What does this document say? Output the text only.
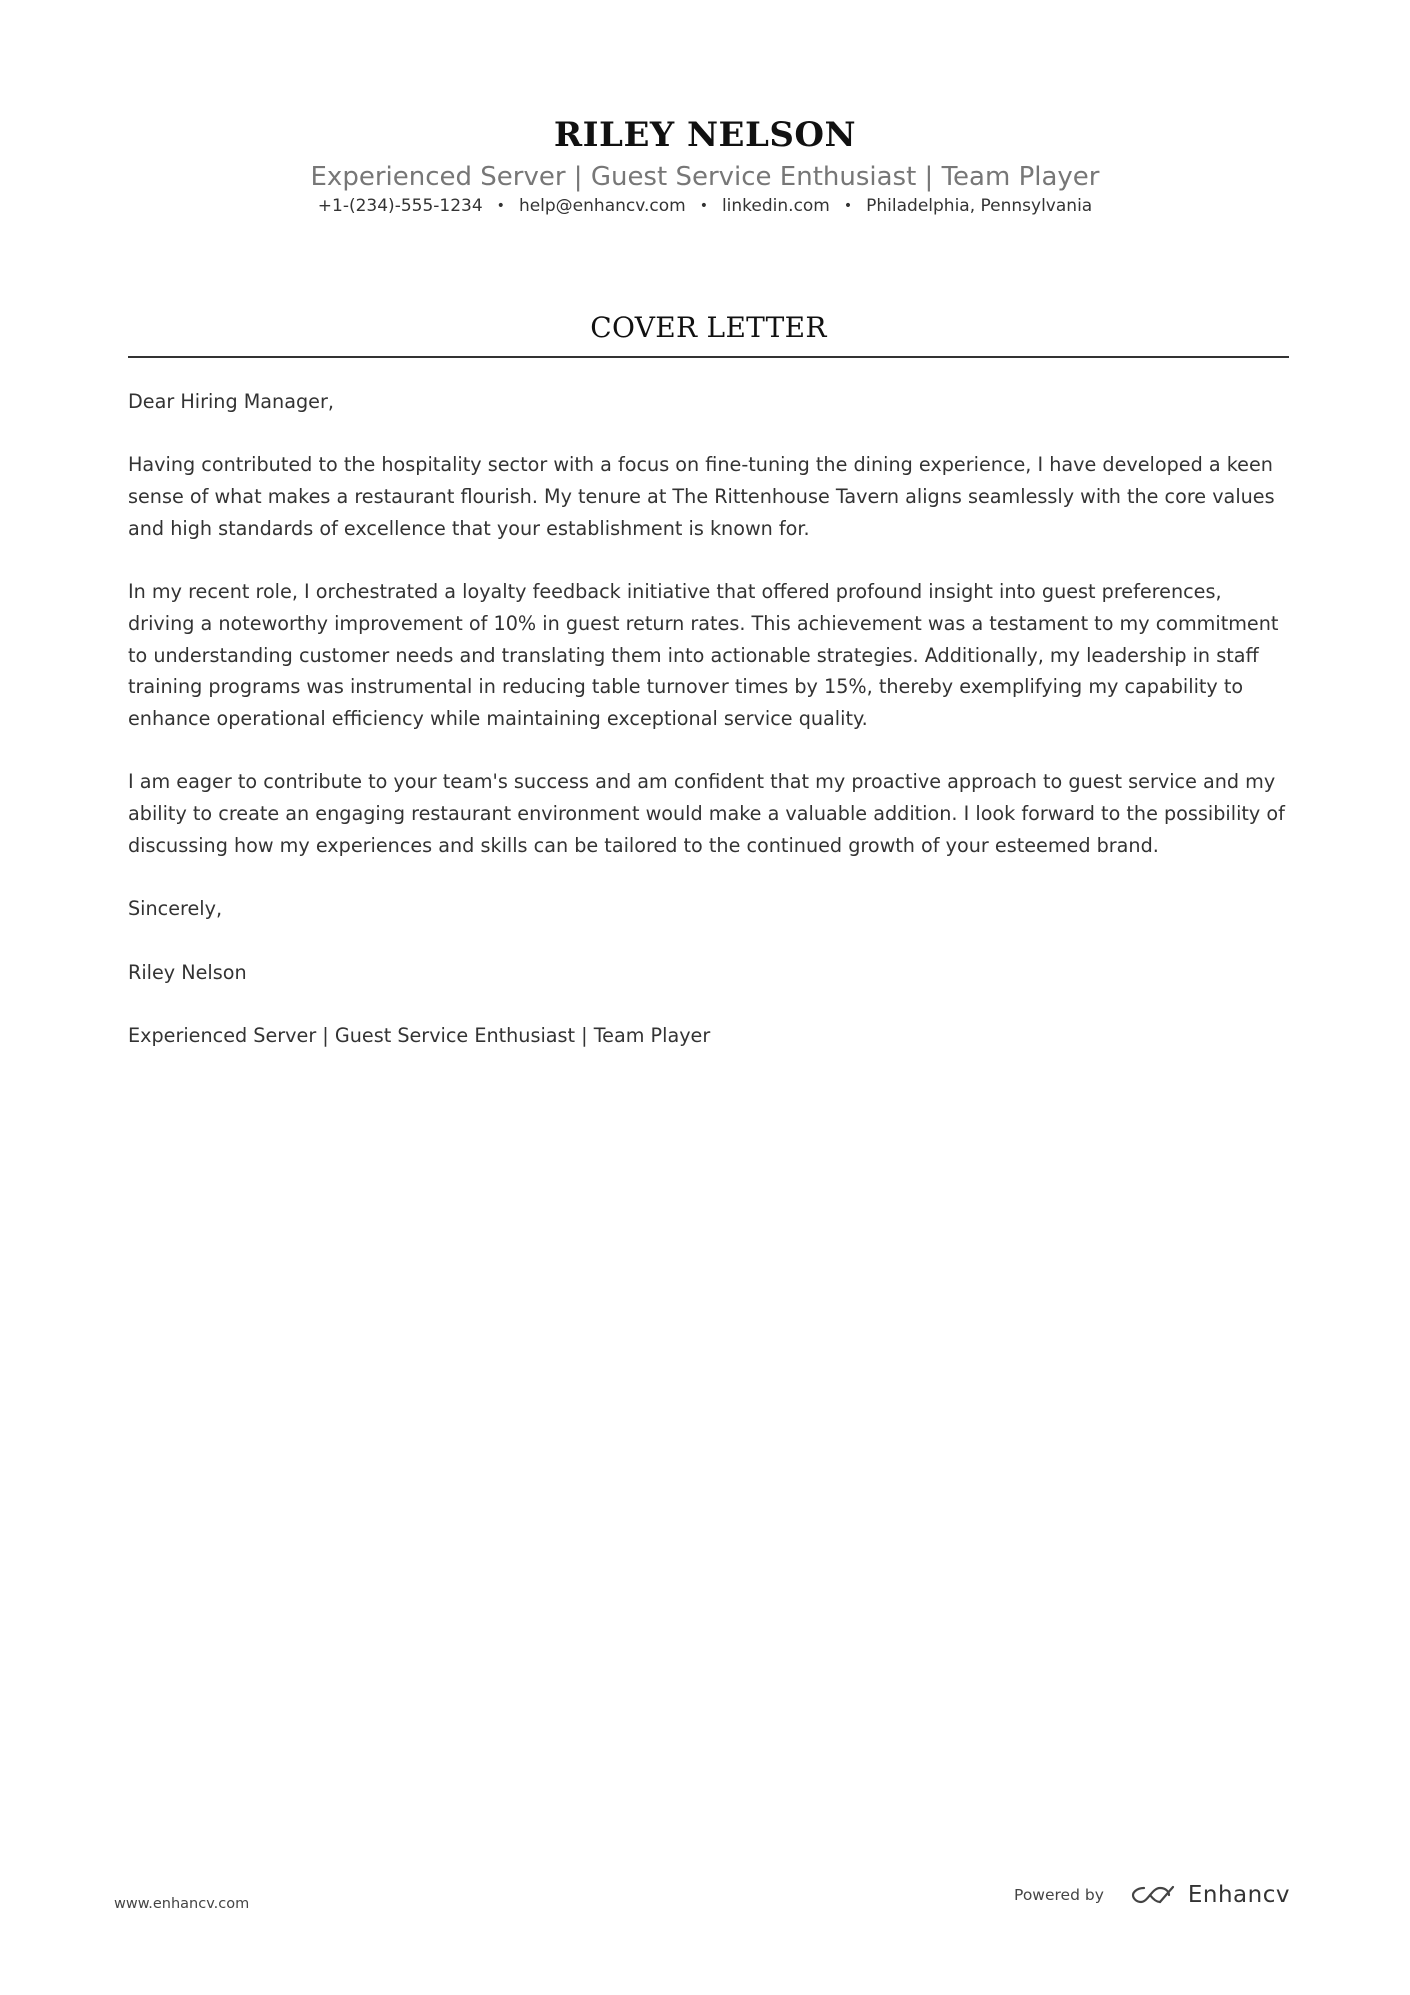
RILEY NELSON
Experienced Server | Guest Service Enthusiast | Team Player
+1-(234)-555-1234 • help@enhancv.com • linkedin.com • Philadelphia, Pennsylvania
COVER LETTER

Dear Hiring Manager,

Having contributed to the hospitality sector with a focus on fine-tuning the dining experience, I have developed a keen sense of what makes a restaurant flourish. My tenure at The Rittenhouse Tavern aligns seamlessly with the core values and high standards of excellence that your establishment is known for.

In my recent role, I orchestrated a loyalty feedback initiative that offered profound insight into guest preferences, driving a noteworthy improvement of 10% in guest return rates. This achievement was a testament to my commitment to understanding customer needs and translating them into actionable strategies. Additionally, my leadership in staff training programs was instrumental in reducing table turnover times by 15%, thereby exemplifying my capability to enhance operational efficiency while maintaining exceptional service quality.

I am eager to contribute to your team's success and am confident that my proactive approach to guest service and my ability to create an engaging restaurant environment would make a valuable addition. I look forward to the possibility of discussing how my experiences and skills can be tailored to the continued growth of your esteemed brand.

Sincerely,

Riley Nelson

Experienced Server | Guest Service Enthusiast | Team Player

www.enhancv.com	Powered by	Enhancv
